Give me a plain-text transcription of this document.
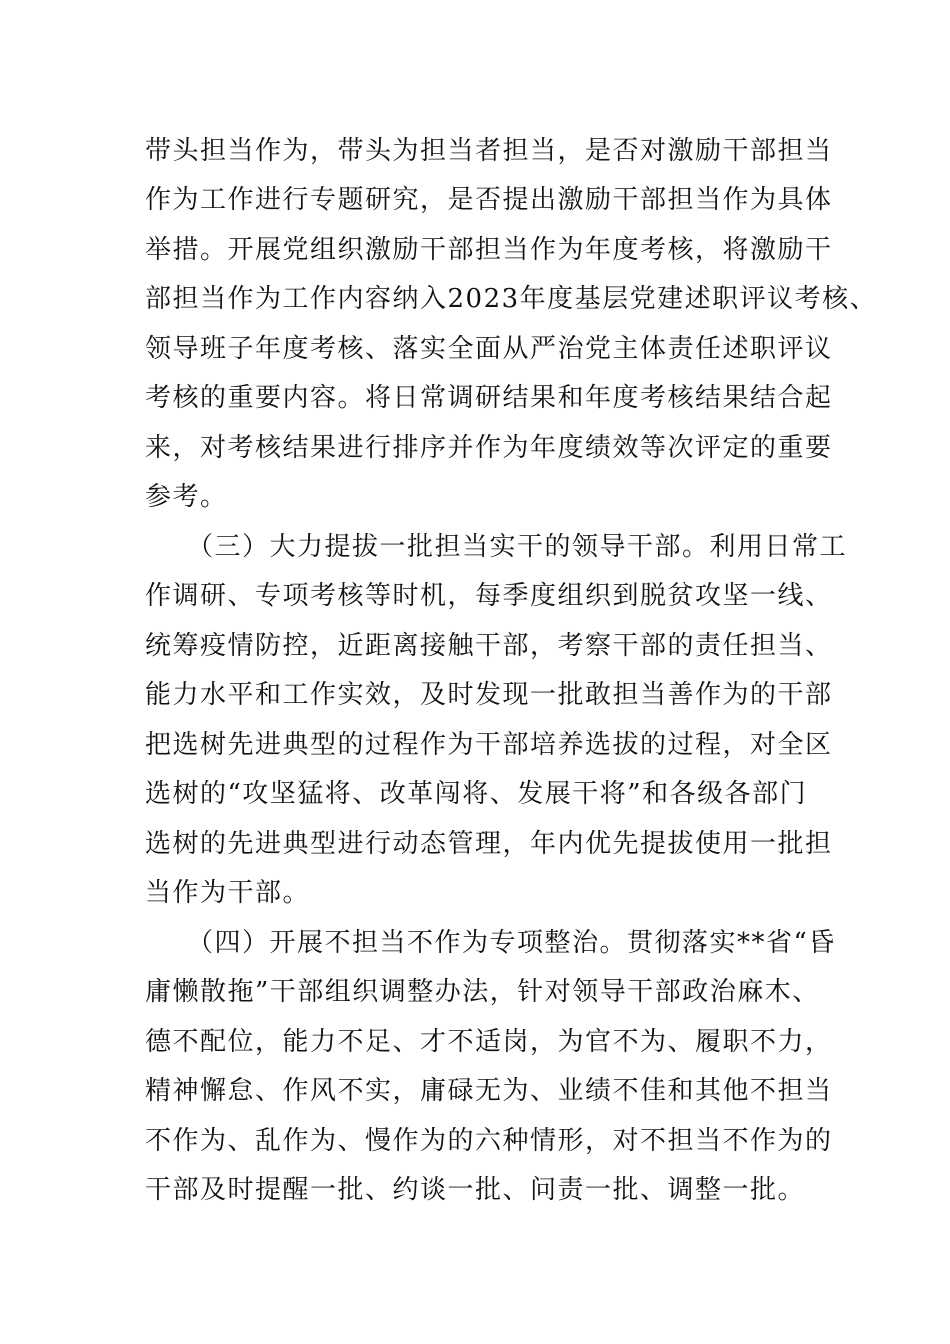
带头担当作为，带头为担当者担当，是否对激励干部担当
作为工作进行专题研究，是否提出激励干部担当作为具体
举措。开展党组织激励干部担当作为年度考核，将激励干
部担当作为工作内容纳入2023年度基层党建述职评议考核、
领导班子年度考核、落实全面从严治党主体责任述职评议
考核的重要内容。将日常调研结果和年度考核结果结合起
来，对考核结果进行排序并作为年度绩效等次评定的重要
参考。
（三）大力提拔一批担当实干的领导干部。利用日常工
作调研、专项考核等时机，每季度组织到脱贫攻坚一线、
统筹疫情防控，近距离接触干部，考察干部的责任担当、
能力水平和工作实效，及时发现一批敢担当善作为的干部
把选树先进典型的过程作为干部培养选拔的过程，对全区
选树的“攻坚猛将、改革闯将、发展干将”和各级各部门
选树的先进典型进行动态管理，年内优先提拔使用一批担
当作为干部。
（四）开展不担当不作为专项整治。贯彻落实**省“昏
庸懒散拖”干部组织调整办法，针对领导干部政治麻木、
德不配位，能力不足、才不适岗，为官不为、履职不力，
精神懈怠、作风不实，庸碌无为、业绩不佳和其他不担当
不作为、乱作为、慢作为的六种情形，对不担当不作为的
干部及时提醒一批、约谈一批、问责一批、调整一批。
